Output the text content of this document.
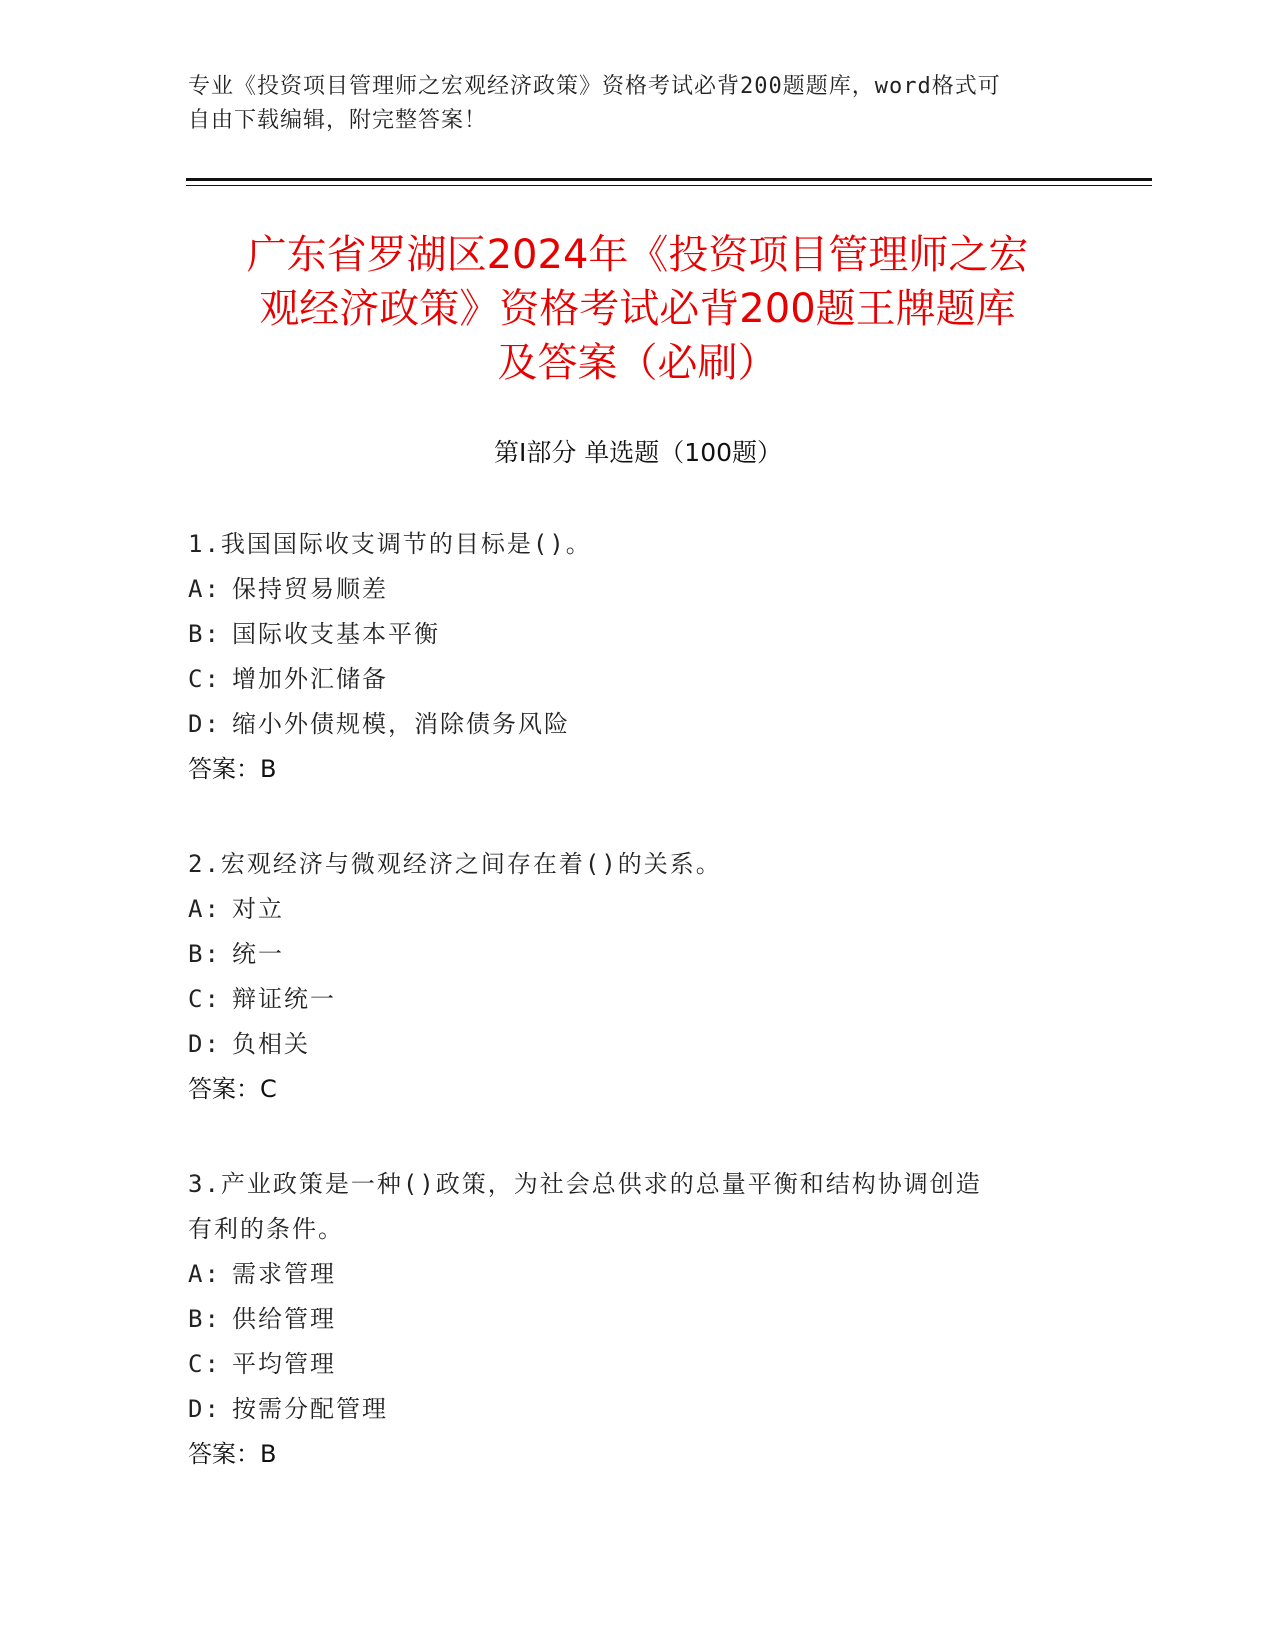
专业《投资项目管理师之宏观经济政策》资格考试必背200题题库，word格式可
自由下载编辑，附完整答案！
广东省罗湖区2024年《投资项目管理师之宏
观经济政策》资格考试必背200题王牌题库
及答案（必刷）
第Ⅰ部分 单选题（100题）
1.我国国际收支调节的目标是()。
A: 保持贸易顺差
B: 国际收支基本平衡
C: 增加外汇储备
D: 缩小外债规模，消除债务风险
答案：B
2.宏观经济与微观经济之间存在着()的关系。
A: 对立
B: 统一
C: 辩证统一
D: 负相关
答案：C
3.产业政策是一种()政策，为社会总供求的总量平衡和结构协调创造
有利的条件。
A: 需求管理
B: 供给管理
C: 平均管理
D: 按需分配管理
答案：B
